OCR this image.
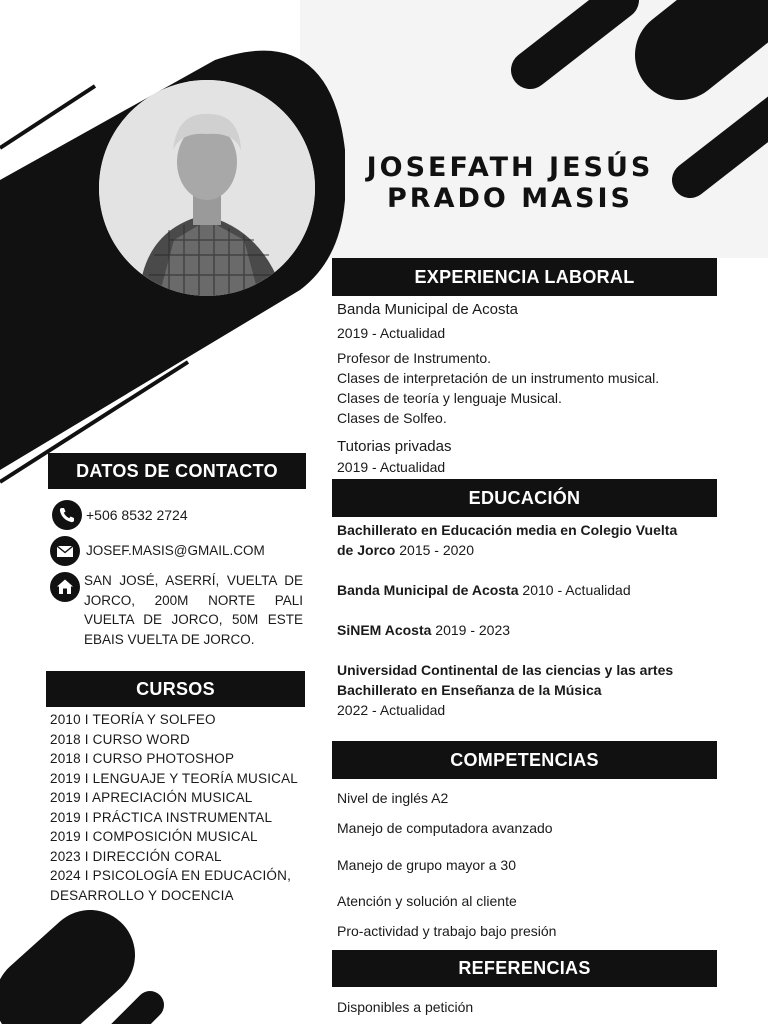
JOSEFATH JESÚS
PRADO MASIS
DATOS DE CONTACTO
+506 8532 2724
JOSEF.MASIS@GMAIL.COM
SAN JOSÉ, ASERRÍ, VUELTA DE JORCO, 200M NORTE PALI VUELTA DE JORCO, 50M ESTE EBAIS VUELTA DE JORCO.
CURSOS
2010 I TEORÍA Y SOLFEO
2018 I CURSO WORD
2018 I CURSO PHOTOSHOP
2019 I LENGUAJE Y TEORÍA MUSICAL
2019 I APRECIACIÓN MUSICAL
2019 I PRÁCTICA INSTRUMENTAL
2019 I COMPOSICIÓN MUSICAL
2023 I DIRECCIÓN CORAL
2024 I PSICOLOGÍA EN EDUCACIÓN,
DESARROLLO Y DOCENCIA
EXPERIENCIA LABORAL
Banda Municipal de Acosta
2019 - Actualidad
Profesor de Instrumento.
Clases de interpretación de un instrumento musical.
Clases de teoría y lenguaje Musical.
Clases de Solfeo.
Tutorias privadas
2019 - Actualidad
EDUCACIÓN
Bachillerato en Educación media en Colegio Vuelta
de Jorco 2015 - 2020
Banda Municipal de Acosta 2010 - Actualidad
SiNEM Acosta 2019 - 2023
Universidad Continental de las ciencias y las artes
Bachillerato en Enseñanza de la Música
2022 - Actualidad
COMPETENCIAS
Nivel de inglés A2
Manejo de computadora avanzado
Manejo de grupo mayor a 30
Atención y solución al cliente
Pro-actividad y trabajo bajo presión
REFERENCIAS
Disponibles a petición
